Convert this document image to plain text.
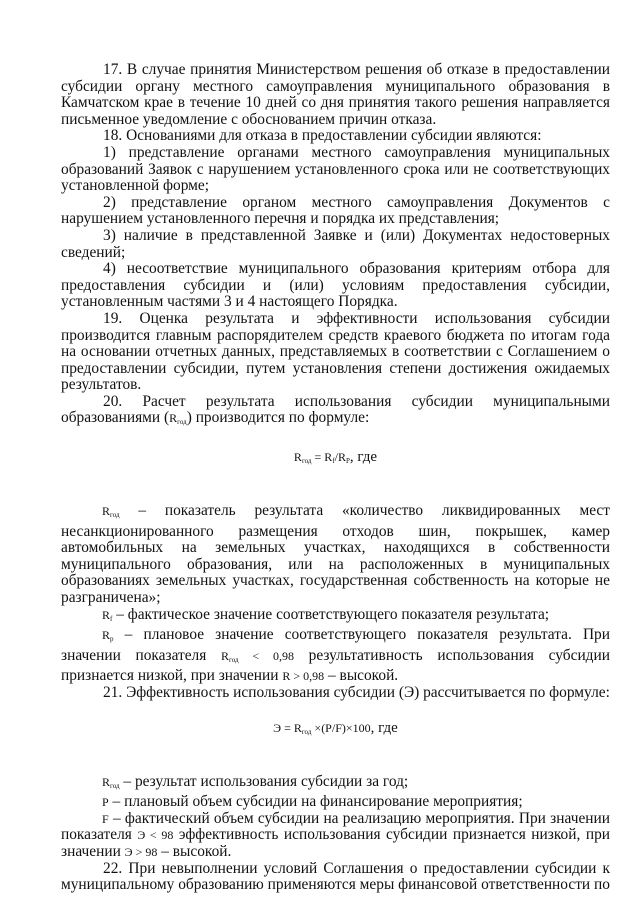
17. В случае принятия Министерством решения об отказе в предоставлении субсидии органу местного самоуправления муниципального образования в Камчатском крае в течение 10 дней со дня принятия такого решения направляется письменное уведомление с обоснованием причин отказа.

18. Основаниями для отказа в предоставлении субсидии являются:

1) представление органами местного самоуправления муниципальных образований Заявок с нарушением установленного срока или не соответствующих установленной форме;

2) представление органом местного самоуправления Документов с нарушением установленного перечня и порядка их представления;

3) наличие в представленной Заявке и (или) Документах недостоверных сведений;

4) несоответствие муниципального образования критериям отбора для предоставления субсидии и (или) условиям предоставления субсидии, установленным частями 3 и 4 настоящего Порядка.

19. Оценка результата и эффективности использования субсидии производится главным распорядителем средств краевого бюджета по итогам года на основании отчетных данных, представляемых в соответствии с Соглашением о предоставлении субсидии, путем установления степени достижения ожидаемых результатов.

20. Расчет результата использования субсидии муниципальными образованиями $(R_{год})$ производится по формуле:

$R_{год} = R_f/R_P$, где

$R_{год}$ – показатель результата «количество ликвидированных мест несанкционированного размещения отходов шин, покрышек, камер автомобильных на земельных участках, находящихся в собственности муниципального образования, или на расположенных в муниципальных образованиях земельных участках, государственная собственность на которые не разграничена»;

$R_f$ – фактическое значение соответствующего показателя результата;

$R_p$ – плановое значение соответствующего показателя результата. При значении показателя $R_{год} < 0,98$ результативность использования субсидии признается низкой, при значении R > 0,98 – высокой.

21. Эффективность использования субсидии (Э) рассчитывается по формуле:

$Э = R_{год} \times(P/F)\times 100$, где

$R_{год}$ – результат использования субсидии за год;

P – плановый объем субсидии на финансирование мероприятия;

F – фактический объем субсидии на реализацию мероприятия. При значении показателя Э < 98 эффективность использования субсидии признается низкой, при значении Э > 98 – высокой.

22. При невыполнении условий Соглашения о предоставлении субсидии к муниципальному образованию применяются меры финансовой ответственности по
